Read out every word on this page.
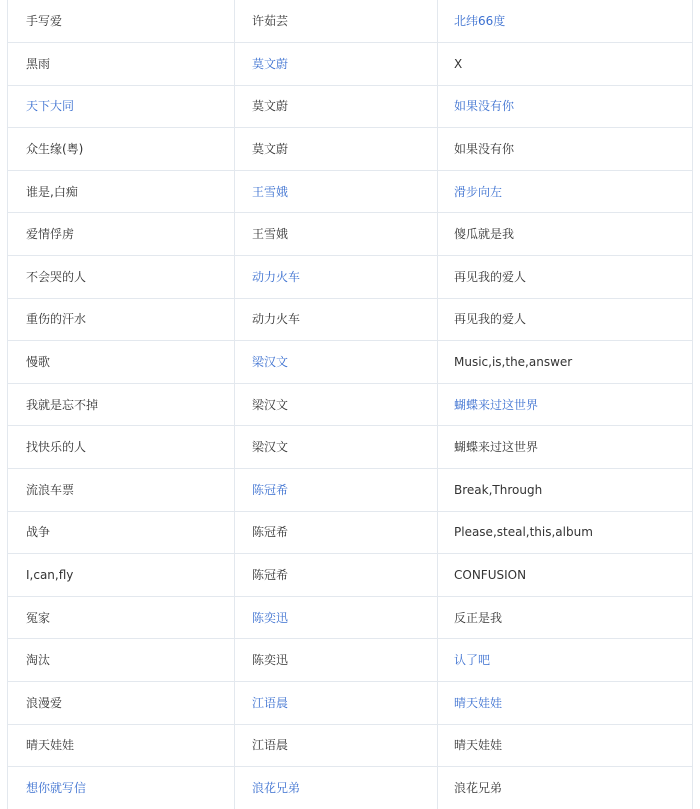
手写爱	许茹芸	北纬66度
黑雨	莫文蔚	X
天下大同	莫文蔚	如果没有你
众生缘(粤)	莫文蔚	如果没有你
谁是,白痴	王雪娥	滑步向左
爱情俘虏	王雪娥	傻瓜就是我
不会哭的人	动力火车	再见我的爱人
重伤的汗水	动力火车	再见我的爱人
慢歌	梁汉文	Music,is,the,answer
我就是忘不掉	梁汉文	蝴蝶来过这世界
找快乐的人	梁汉文	蝴蝶来过这世界
流浪车票	陈冠希	Break,Through
战争	陈冠希	Please,steal,this,album
I,can,fly	陈冠希	CONFUSION
冤家	陈奕迅	反正是我
淘汰	陈奕迅	认了吧
浪漫爱	江语晨	晴天娃娃
晴天娃娃	江语晨	晴天娃娃
想你就写信	浪花兄弟	浪花兄弟
